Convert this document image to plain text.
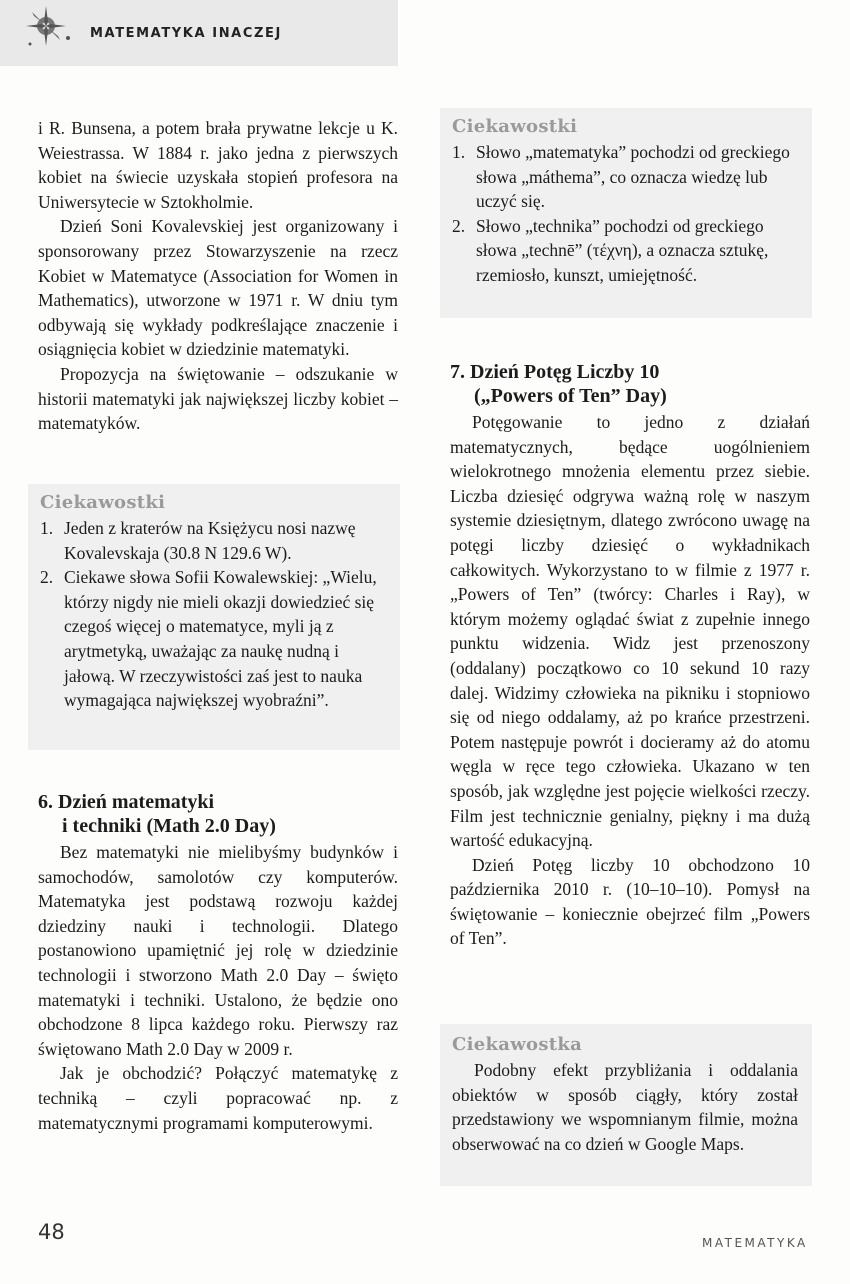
MATEMATYKA INACZEJ

i R. Bunsena, a potem brała prywatne lekcje u K. Weiestrassa. W 1884 r. jako jedna z pierwszych kobiet na świecie uzyskała stopień profesora na Uniwersytecie w Sztokholmie.

Dzień Soni Kovalevskiej jest organizowany i sponsorowany przez Stowarzyszenie na rzecz Kobiet w Matematyce (Association for Women in Mathematics), utworzone w 1971 r. W dniu tym odbywają się wykłady podkreślające znaczenie i osiągnięcia kobiet w dziedzinie matematyki.

Propozycja na świętowanie – odszukanie w historii matematyki jak największej liczby kobiet – matematyków.

Ciekawostki
1. Jeden z kraterów na Księżycu nosi nazwę Kovalevskaja (30.8 N 129.6 W).
2. Ciekawe słowa Sofii Kowalewskiej: „Wielu, którzy nigdy nie mieli okazji dowiedzieć się czegoś więcej o matematyce, myli ją z arytmetyką, uważając za naukę nudną i jałową. W rzeczywistości zaś jest to nauka wymagająca największej wyobraźni”.
6. Dzień matematyki
i techniki (Math 2.0 Day)

Bez matematyki nie mielibyśmy budynków i samochodów, samolotów czy komputerów. Matematyka jest podstawą rozwoju każdej dziedziny nauki i technologii. Dlatego postanowiono upamiętnić jej rolę w dziedzinie technologii i stworzono Math 2.0 Day – święto matematyki i techniki. Ustalono, że będzie ono obchodzone 8 lipca każdego roku. Pierwszy raz świętowano Math 2.0 Day w 2009 r.

Jak je obchodzić? Połączyć matematykę z techniką – czyli popracować np. z matematycznymi programami komputerowymi.

Ciekawostki
1. Słowo „matematyka” pochodzi od greckiego słowa „máthema”, co oznacza wiedzę lub uczyć się.
2. Słowo „technika” pochodzi od greckiego słowa „technē” (τέχνη), a oznacza sztukę, rzemiosło, kunszt, umiejętność.
7. Dzień Potęg Liczby 10
(„Powers of Ten” Day)

Potęgowanie to jedno z działań matematycznych, będące uogólnieniem wielokrotnego mnożenia elementu przez siebie. Liczba dziesięć odgrywa ważną rolę w naszym systemie dziesiętnym, dlatego zwrócono uwagę na potęgi liczby dziesięć o wykładnikach całkowitych. Wykorzystano to w filmie z 1977 r. „Powers of Ten” (twórcy: Charles i Ray), w którym możemy oglądać świat z zupełnie innego punktu widzenia. Widz jest przenoszony (oddalany) początkowo co 10 sekund 10 razy dalej. Widzimy człowieka na pikniku i stopniowo się od niego oddalamy, aż po krańce przestrzeni. Potem następuje powrót i docieramy aż do atomu węgla w ręce tego człowieka. Ukazano w ten sposób, jak względne jest pojęcie wielkości rzeczy. Film jest technicznie genialny, piękny i ma dużą wartość edukacyjną.

Dzień Potęg liczby 10 obchodzono 10 października 2010 r. (10–10–10). Pomysł na świętowanie – koniecznie obejrzeć film „Powers of Ten”.

Ciekawostka

Podobny efekt przybliżania i oddalania obiektów w sposób ciągły, który został przedstawiony we wspomnianym filmie, można obserwować na co dzień w Google Maps.

48	MATEMATYKA
